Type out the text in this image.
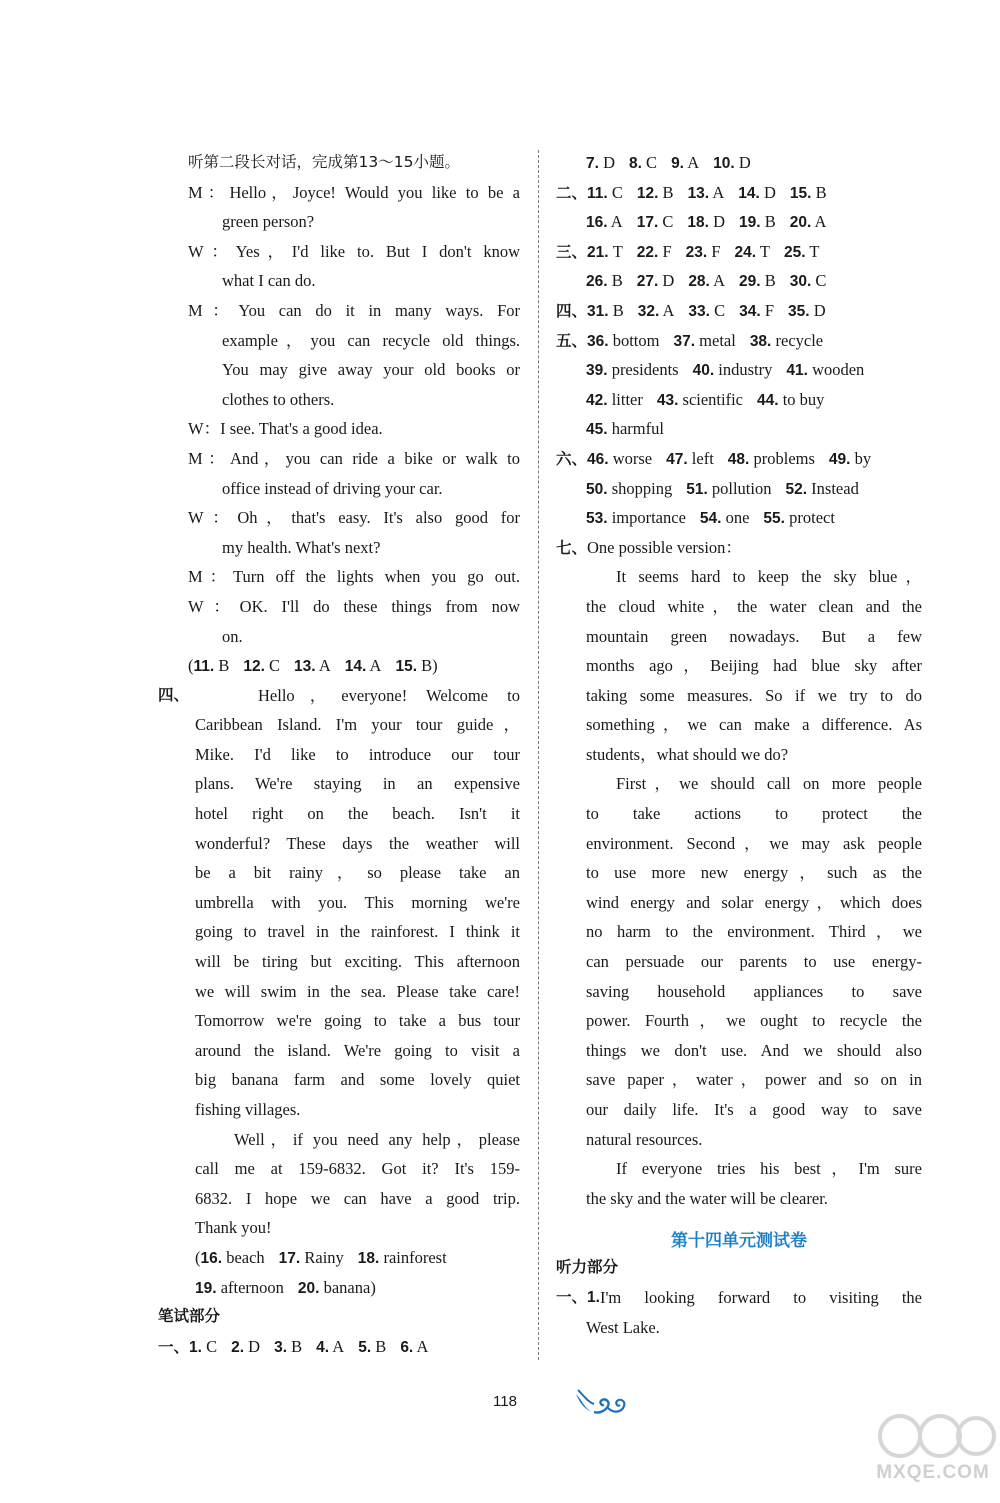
听第二段长对话，完成第13～15小题。
M：Hello，Joyce! Would you like to be a
green person?
W：Yes，I'd like to. But I don't know
what I can do.
M：You can do it in many ways. For
example，you can recycle old things.
You may give away your old books or
clothes to others.
W：I see. That's a good idea.
M：And，you can ride a bike or walk to
office instead of driving your car.
W：Oh，that's easy. It's also good for
my health. What's next?
M：Turn off the lights when you go out.
W：OK. I'll do these things from now
on.
(11. B 12. C 13. A 14. A 15. B)
四、	Hello，everyone! Welcome to
Caribbean Island. I'm your tour guide，
Mike. I'd like to introduce our tour
plans. We're staying in an expensive
hotel right on the beach. Isn't it
wonderful? These days the weather will
be a bit rainy，so please take an
umbrella with you. This morning we're
going to travel in the rainforest. I think it
will be tiring but exciting. This afternoon
we will swim in the sea. Please take care!
Tomorrow we're going to take a bus tour
around the island. We're going to visit a
big banana farm and some lovely quiet
fishing villages.
Well，if you need any help，please
call me at 159-6832. Got it? It's 159-
6832. I hope we can have a good trip.
Thank you!
(16. beach 17. Rainy 18. rainforest
19. afternoon 20. banana)
笔试部分
一、1. C 2. D 3. B 4. A 5. B 6. A
7. D 8. C 9. A 10. D
二、11. C 12. B 13. A 14. D 15. B
16. A 17. C 18. D 19. B 20. A
三、21. T 22. F 23. F 24. T 25. T
26. B 27. D 28. A 29. B 30. C
四、31. B 32. A 33. C 34. F 35. D
五、36. bottom 37. metal 38. recycle
39. presidents 40. industry 41. wooden
42. litter 43. scientific 44. to buy
45. harmful
六、46. worse 47. left 48. problems 49. by
50. shopping 51. pollution 52. Instead
53. importance 54. one 55. protect
七、One possible version：
It seems hard to keep the sky blue，
the cloud white，the water clean and the
mountain green nowadays. But a few
months ago，Beijing had blue sky after
taking some measures. So if we try to do
something，we can make a difference. As
students，what should we do?
First，we should call on more people
to take actions to protect the
environment. Second，we may ask people
to use more new energy，such as the
wind energy and solar energy，which does
no harm to the environment. Third，we
can persuade our parents to use energy-
saving household appliances to save
power. Fourth，we ought to recycle the
things we don't use. And we should also
save paper，water，power and so on in
our daily life. It's a good way to save
natural resources.
If everyone tries his best，I'm sure
the sky and the water will be clearer.
第十四单元测试卷
听力部分
一、 1. I'm looking forward to visiting the
West Lake.
118
MXQE.COM
